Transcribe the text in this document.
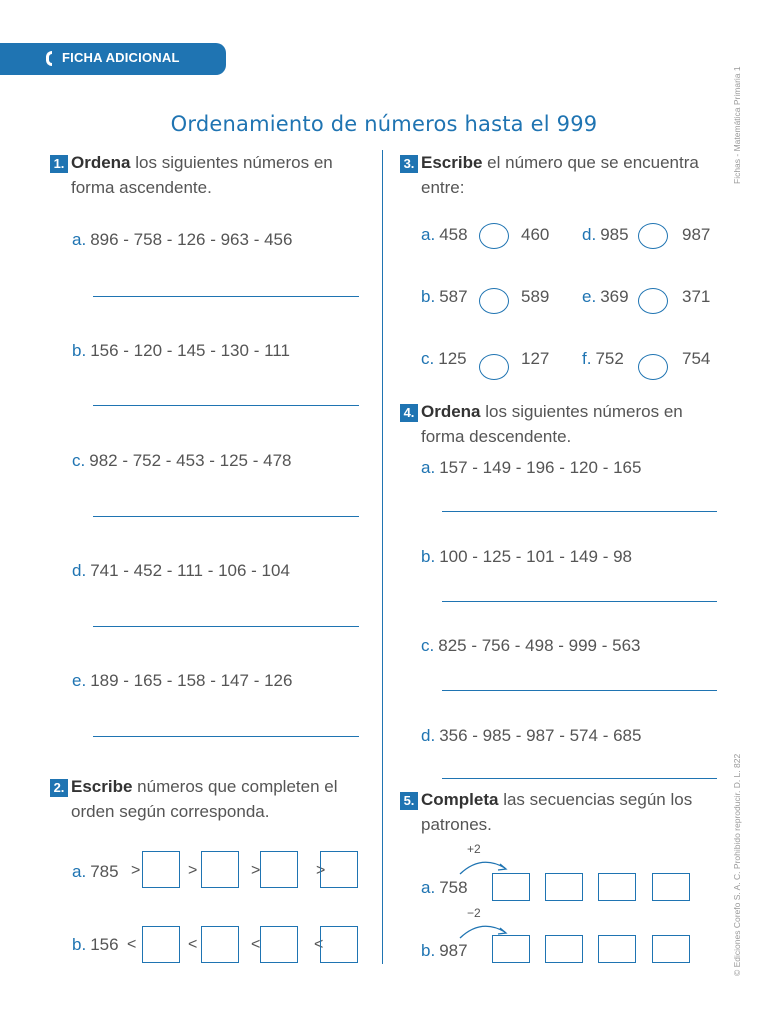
FICHA ADICIONAL
Fichas - Matemática Primaria 1
© Ediciones Corefo S. A. C. Prohibido reproducir. D. L. 822
Ordenamiento de números hasta el 999
1. Ordena los siguientes números en forma ascendente.
a. 896 - 758 - 126 - 963 - 456
b. 156 - 120 - 145 - 130 - 111
c. 982 - 752 - 453 - 125 - 478
d. 741 - 452 - 111 - 106 - 104
e. 189 - 165 - 158 - 147 - 126
2. Escribe números que completen el orden según corresponda.
a. 785 >	>	>	>
b. 156 <	<	<	<
3. Escribe el número que se encuentra entre:
a. 458	460 d. 985	987
b. 587	589 e. 369	371
c. 125	127 f. 752	754
4. Ordena los siguientes números en forma descendente.
a. 157 - 149 - 196 - 120 - 165
b. 100 - 125 - 101 - 149 - 98
c. 825 - 756 - 498 - 999 - 563
d. 356 - 985 - 987 - 574 - 685
5. Completa las secuencias según los patrones.
+2
a. 758
−2
b. 987
